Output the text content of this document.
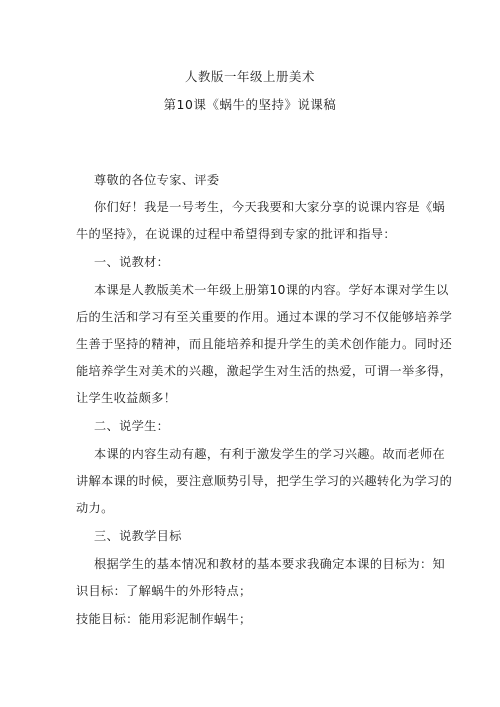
人教版一年级上册美术
第10课《蜗牛的坚持》说课稿
尊敬的各位专家、评委
你们好！我是一号考生，今天我要和大家分享的说课内容是《蜗
牛的坚持》，在说课的过程中希望得到专家的批评和指导：
一、说教材：
本课是人教版美术一年级上册第10课的内容。学好本课对学生以
后的生活和学习有至关重要的作用。通过本课的学习不仅能够培养学
生善于坚持的精神，而且能培养和提升学生的美术创作能力。同时还
能培养学生对美术的兴趣，激起学生对生活的热爱，可谓一举多得，
让学生收益颇多！
二、说学生：
本课的内容生动有趣，有利于激发学生的学习兴趣。故而老师在
讲解本课的时候，要注意顺势引导，把学生学习的兴趣转化为学习的
动力。
三、说教学目标
根据学生的基本情况和教材的基本要求我确定本课的目标为：知
识目标：了解蜗牛的外形特点；
技能目标：能用彩泥制作蜗牛；
